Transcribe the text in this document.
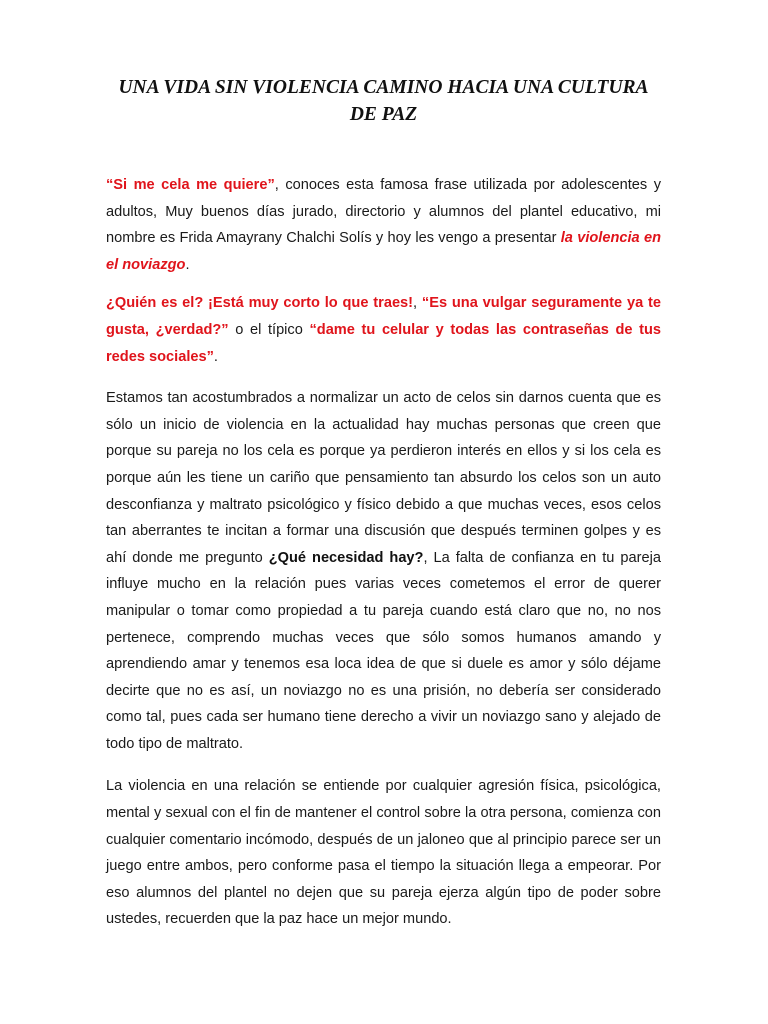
UNA VIDA SIN VIOLENCIA CAMINO HACIA UNA CULTURA DE PAZ

“Si me cela me quiere”, conoces esta famosa frase utilizada por adolescentes y adultos, Muy buenos días jurado, directorio y alumnos del plantel educativo, mi nombre es Frida Amayrany Chalchi Solís y hoy les vengo a presentar la violencia en el noviazgo.

¿Quién es el? ¡Está muy corto lo que traes!, “Es una vulgar seguramente ya te gusta, ¿verdad?” o el típico “dame tu celular y todas las contraseñas de tus redes sociales”.

Estamos tan acostumbrados a normalizar un acto de celos sin darnos cuenta que es sólo un inicio de violencia en la actualidad hay muchas personas que creen que porque su pareja no los cela es porque ya perdieron interés en ellos y si los cela es porque aún les tiene un cariño que pensamiento tan absurdo los celos son un auto desconfianza y maltrato psicológico y físico debido a que muchas veces, esos celos tan aberrantes te incitan a formar una discusión que después terminen golpes y es ahí donde me pregunto ¿Qué necesidad hay?, La falta de confianza en tu pareja influye mucho en la relación pues varias veces cometemos el error de querer manipular o tomar como propiedad a tu pareja cuando está claro que no, no nos pertenece, comprendo muchas veces que sólo somos humanos amando y aprendiendo amar y tenemos esa loca idea de que si duele es amor y sólo déjame decirte que no es así, un noviazgo no es una prisión, no debería ser considerado como tal, pues cada ser humano tiene derecho a vivir un noviazgo sano y alejado de todo tipo de maltrato.

La violencia en una relación se entiende por cualquier agresión física, psicológica, mental y sexual con el fin de mantener el control sobre la otra persona, comienza con cualquier comentario incómodo, después de un jaloneo que al principio parece ser un juego entre ambos, pero conforme pasa el tiempo la situación llega a empeorar. Por eso alumnos del plantel no dejen que su pareja ejerza algún tipo de poder sobre ustedes, recuerden que la paz hace un mejor mundo.
